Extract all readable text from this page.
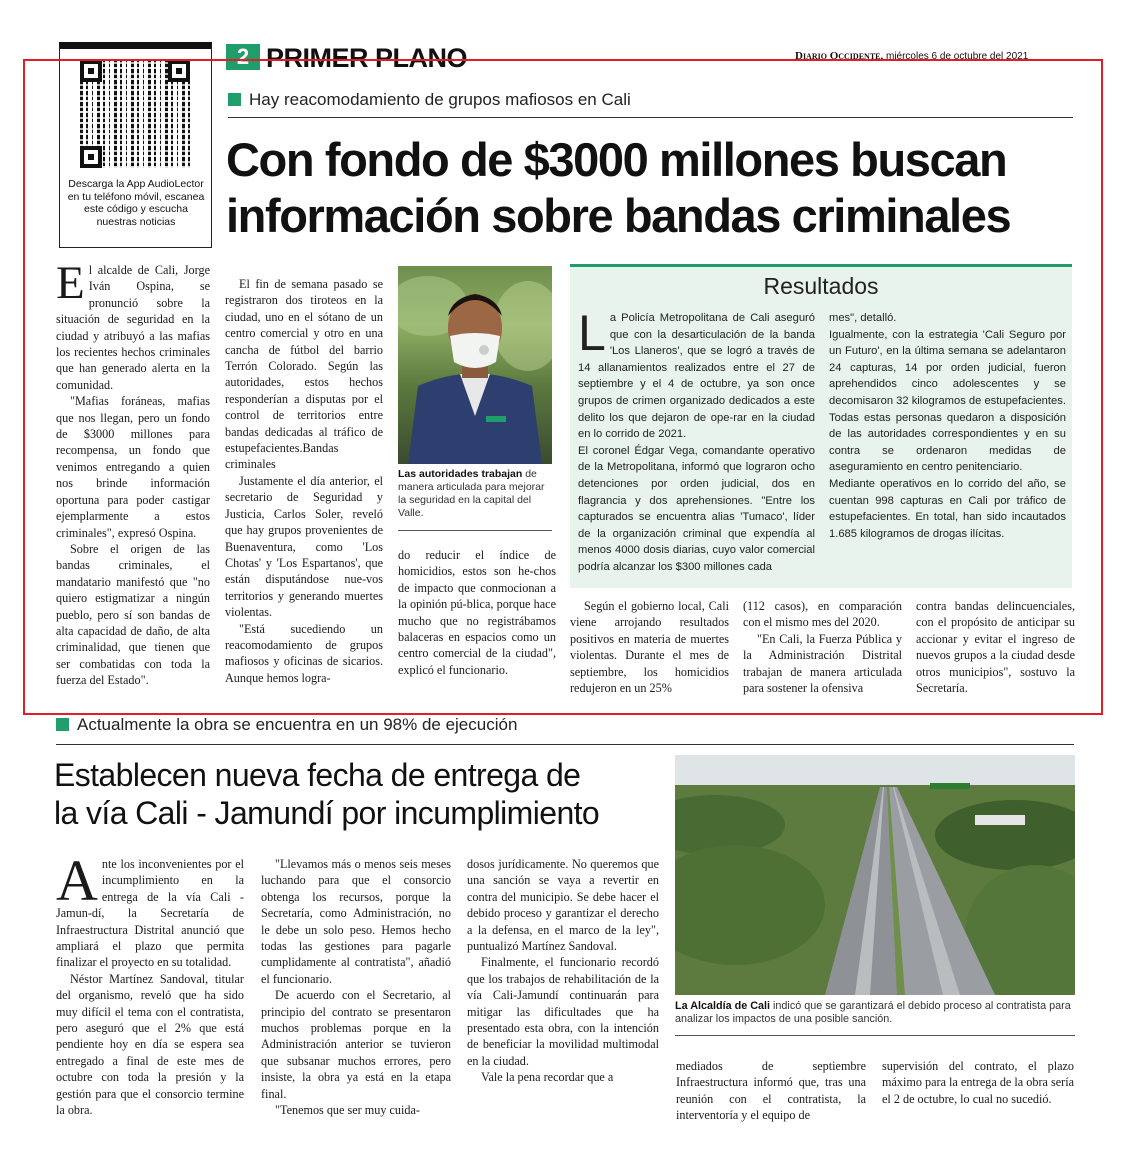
Descarga la App AudioLector en tu teléfono móvil, escanea este código y escucha nuestras noticias
2 PRIMER PLANO	Diario Occidente, miércoles 6 de octubre del 2021
Hay reacomodamiento de grupos mafiosos en Cali
Con fondo de $3000 millones buscan
información sobre bandas criminales

El alcalde de Cali, Jorge Iván Ospina, se pronunció sobre la situación de seguridad en la ciudad y atribuyó a las mafias los recientes hechos criminales que han generado alerta en la comunidad.

"Mafias foráneas, mafias que nos llegan, pero un fondo de $3000 millones para recompensa, un fondo que venimos entregando a quien nos brinde información oportuna para poder castigar ejemplarmente a estos criminales", expresó Ospina.

Sobre el origen de las bandas criminales, el mandatario manifestó que "no quiero estigmatizar a ningún pueblo, pero sí son bandas de alta capacidad de daño, de alta criminalidad, que tienen que ser combatidas con toda la fuerza del Estado".

El fin de semana pasado se registraron dos tiroteos en la ciudad, uno en el sótano de un centro comercial y otro en una cancha de fútbol del barrio Terrón Colorado. Según las autoridades, estos hechos responderían a disputas por el control de territorios entre bandas dedicadas al tráfico de estupefacientes.Bandas criminales

Justamente el día anterior, el secretario de Seguridad y Justicia, Carlos Soler, reveló que hay grupos provenientes de Buenaventura, como 'Los Chotas' y 'Los Espartanos', que están disputándose nue-vos territorios y generando muertes violentas.

"Está sucediendo un reacomodamiento de grupos mafiosos y oficinas de sicarios. Aunque hemos logra-

Las autoridades trabajan de manera articulada para mejorar la seguridad en la capital del Valle.

do reducir el índice de homicidios, estos son he-chos de impacto que conmocionan a la opinión pú-blica, porque hace mucho que no registrábamos balaceras en espacios como un centro comercial de la ciudad", explicó el funcionario.

Resultados

La Policía Metropolitana de Cali aseguró que con la desarticulación de la banda 'Los Llaneros', que se logró a través de 14 allanamientos realizados entre el 27 de septiembre y el 4 de octubre, ya son once grupos de crimen organizado dedicados a este delito los que dejaron de ope-rar en la ciudad en lo corrido de 2021.

El coronel Édgar Vega, comandante operativo de la Metropolitana, informó que lograron ocho detenciones por orden judicial, dos en flagrancia y dos aprehensiones. "Entre los capturados se encuentra alias 'Tumaco', líder de la organización criminal que expendía al menos 4000 dosis diarias, cuyo valor comercial podría alcanzar los $300 millones cada

mes", detalló.

Igualmente, con la estrategia 'Cali Seguro por un Futuro', en la última semana se adelantaron 24 capturas, 14 por orden judicial, fueron aprehendidos cinco adolescentes y se decomisaron 32 kilogramos de estupefacientes.

Todas estas personas quedaron a disposición de las autoridades correspondientes y en su contra se ordenaron medidas de aseguramiento en centro penitenciario.

Mediante operativos en lo corrido del año, se cuentan 998 capturas en Cali por tráfico de estupefacientes. En total, han sido incautados 1.685 kilogramos de drogas ilícitas.

Según el gobierno local, Cali viene arrojando resultados positivos en materia de muertes violentas. Durante el mes de septiembre, los homicidios redujeron en un 25%

(112 casos), en comparación con el mismo mes del 2020.

"En Cali, la Fuerza Pública y la Administración Distrital trabajan de manera articulada para sostener la ofensiva

contra bandas delincuenciales, con el propósito de anticipar su accionar y evitar el ingreso de nuevos grupos a la ciudad desde otros municipios", sostuvo la Secretaría.

Actualmente la obra se encuentra en un 98% de ejecución
Establecen nueva fecha de entrega de
la vía Cali - Jamundí por incumplimiento

Ante los inconvenientes por el incumplimiento en la entrega de la vía Cali - Jamun-dí, la Secretaría de Infraestructura Distrital anunció que ampliará el plazo que permita finalizar el proyecto en su totalidad.

Néstor Martínez Sandoval, titular del organismo, reveló que ha sido muy difícil el tema con el contratista, pero aseguró que el 2% que está pendiente hoy en día se espera sea entregado a final de este mes de octubre con toda la presión y la gestión para que el consorcio termine la obra.

"Llevamos más o menos seis meses luchando para que el consorcio obtenga los recursos, porque la Secretaría, como Administración, no le debe un solo peso. Hemos hecho todas las gestiones para pagarle cumplidamente al contratista", añadió el funcionario.

De acuerdo con el Secretario, al principio del contrato se presentaron muchos problemas porque en la Administración anterior se tuvieron que subsanar muchos errores, pero insiste, la obra ya está en la etapa final.

"Tenemos que ser muy cuida-

dosos jurídicamente. No queremos que una sanción se vaya a revertir en contra del municipio. Se debe hacer el debido proceso y garantizar el derecho a la defensa, en el marco de la ley", puntualizó Martínez Sandoval.

Finalmente, el funcionario recordó que los trabajos de rehabilitación de la vía Cali-Jamundí continuarán para mitigar las dificultades que ha presentado esta obra, con la intención de beneficiar la movilidad multimodal en la ciudad.

Vale la pena recordar que a

La Alcaldía de Cali indicó que se garantizará el debido proceso al contratista para analizar los impactos de una posible sanción.

mediados de septiembre Infraestructura informó que, tras una reunión con el contratista, la interventoría y el equipo de

supervisión del contrato, el plazo máximo para la entrega de la obra sería el 2 de octubre, lo cual no sucedió.
